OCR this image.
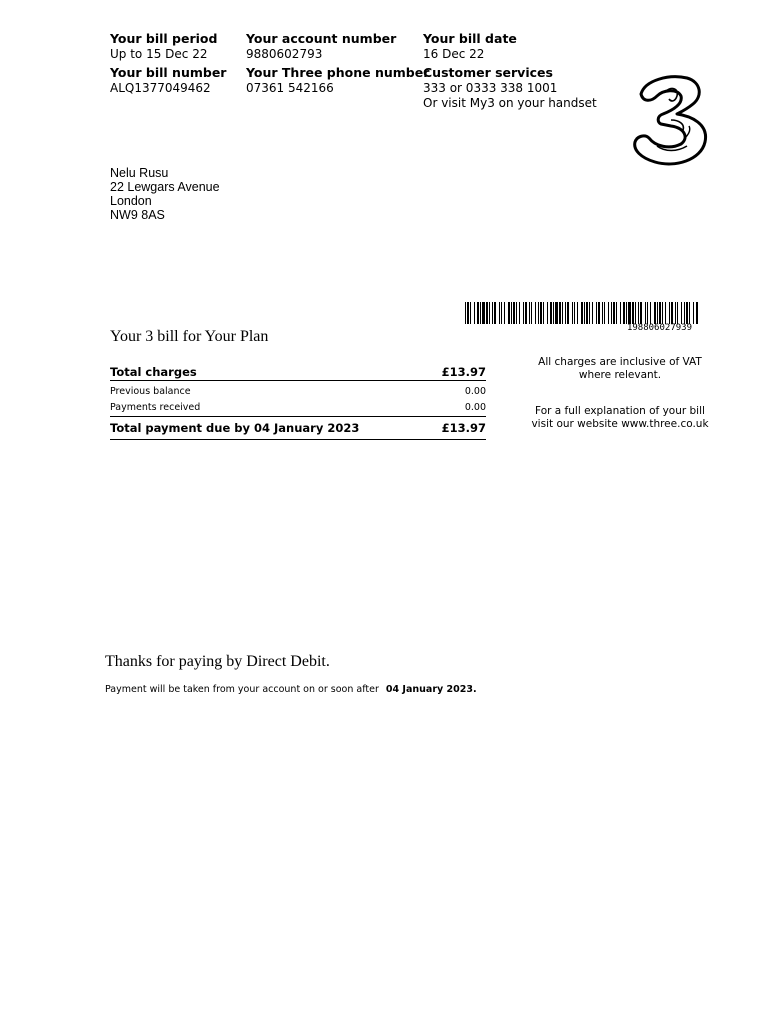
Your bill period
Up to 15 Dec 22
Your account number
9880602793
Your bill date
16 Dec 22
Your bill number
ALQ1377049462
Your Three phone number
07361 542166
Customer services
333 or 0333 338 1001
Or visit My3 on your handset
Nelu Rusu
22 Lewgars Avenue
London
NW9 8AS
198806027939
Your 3 bill for Your Plan
Total charges	£13.97
Previous balance	0.00
Payments received	0.00
Total payment due by 04 January 2023	£13.97
All charges are inclusive of VAT
where relevant.
For a full explanation of your bill
visit our website www.three.co.uk
Thanks for paying by Direct Debit.
Payment will be taken from your account on or soon after 04 January 2023.
